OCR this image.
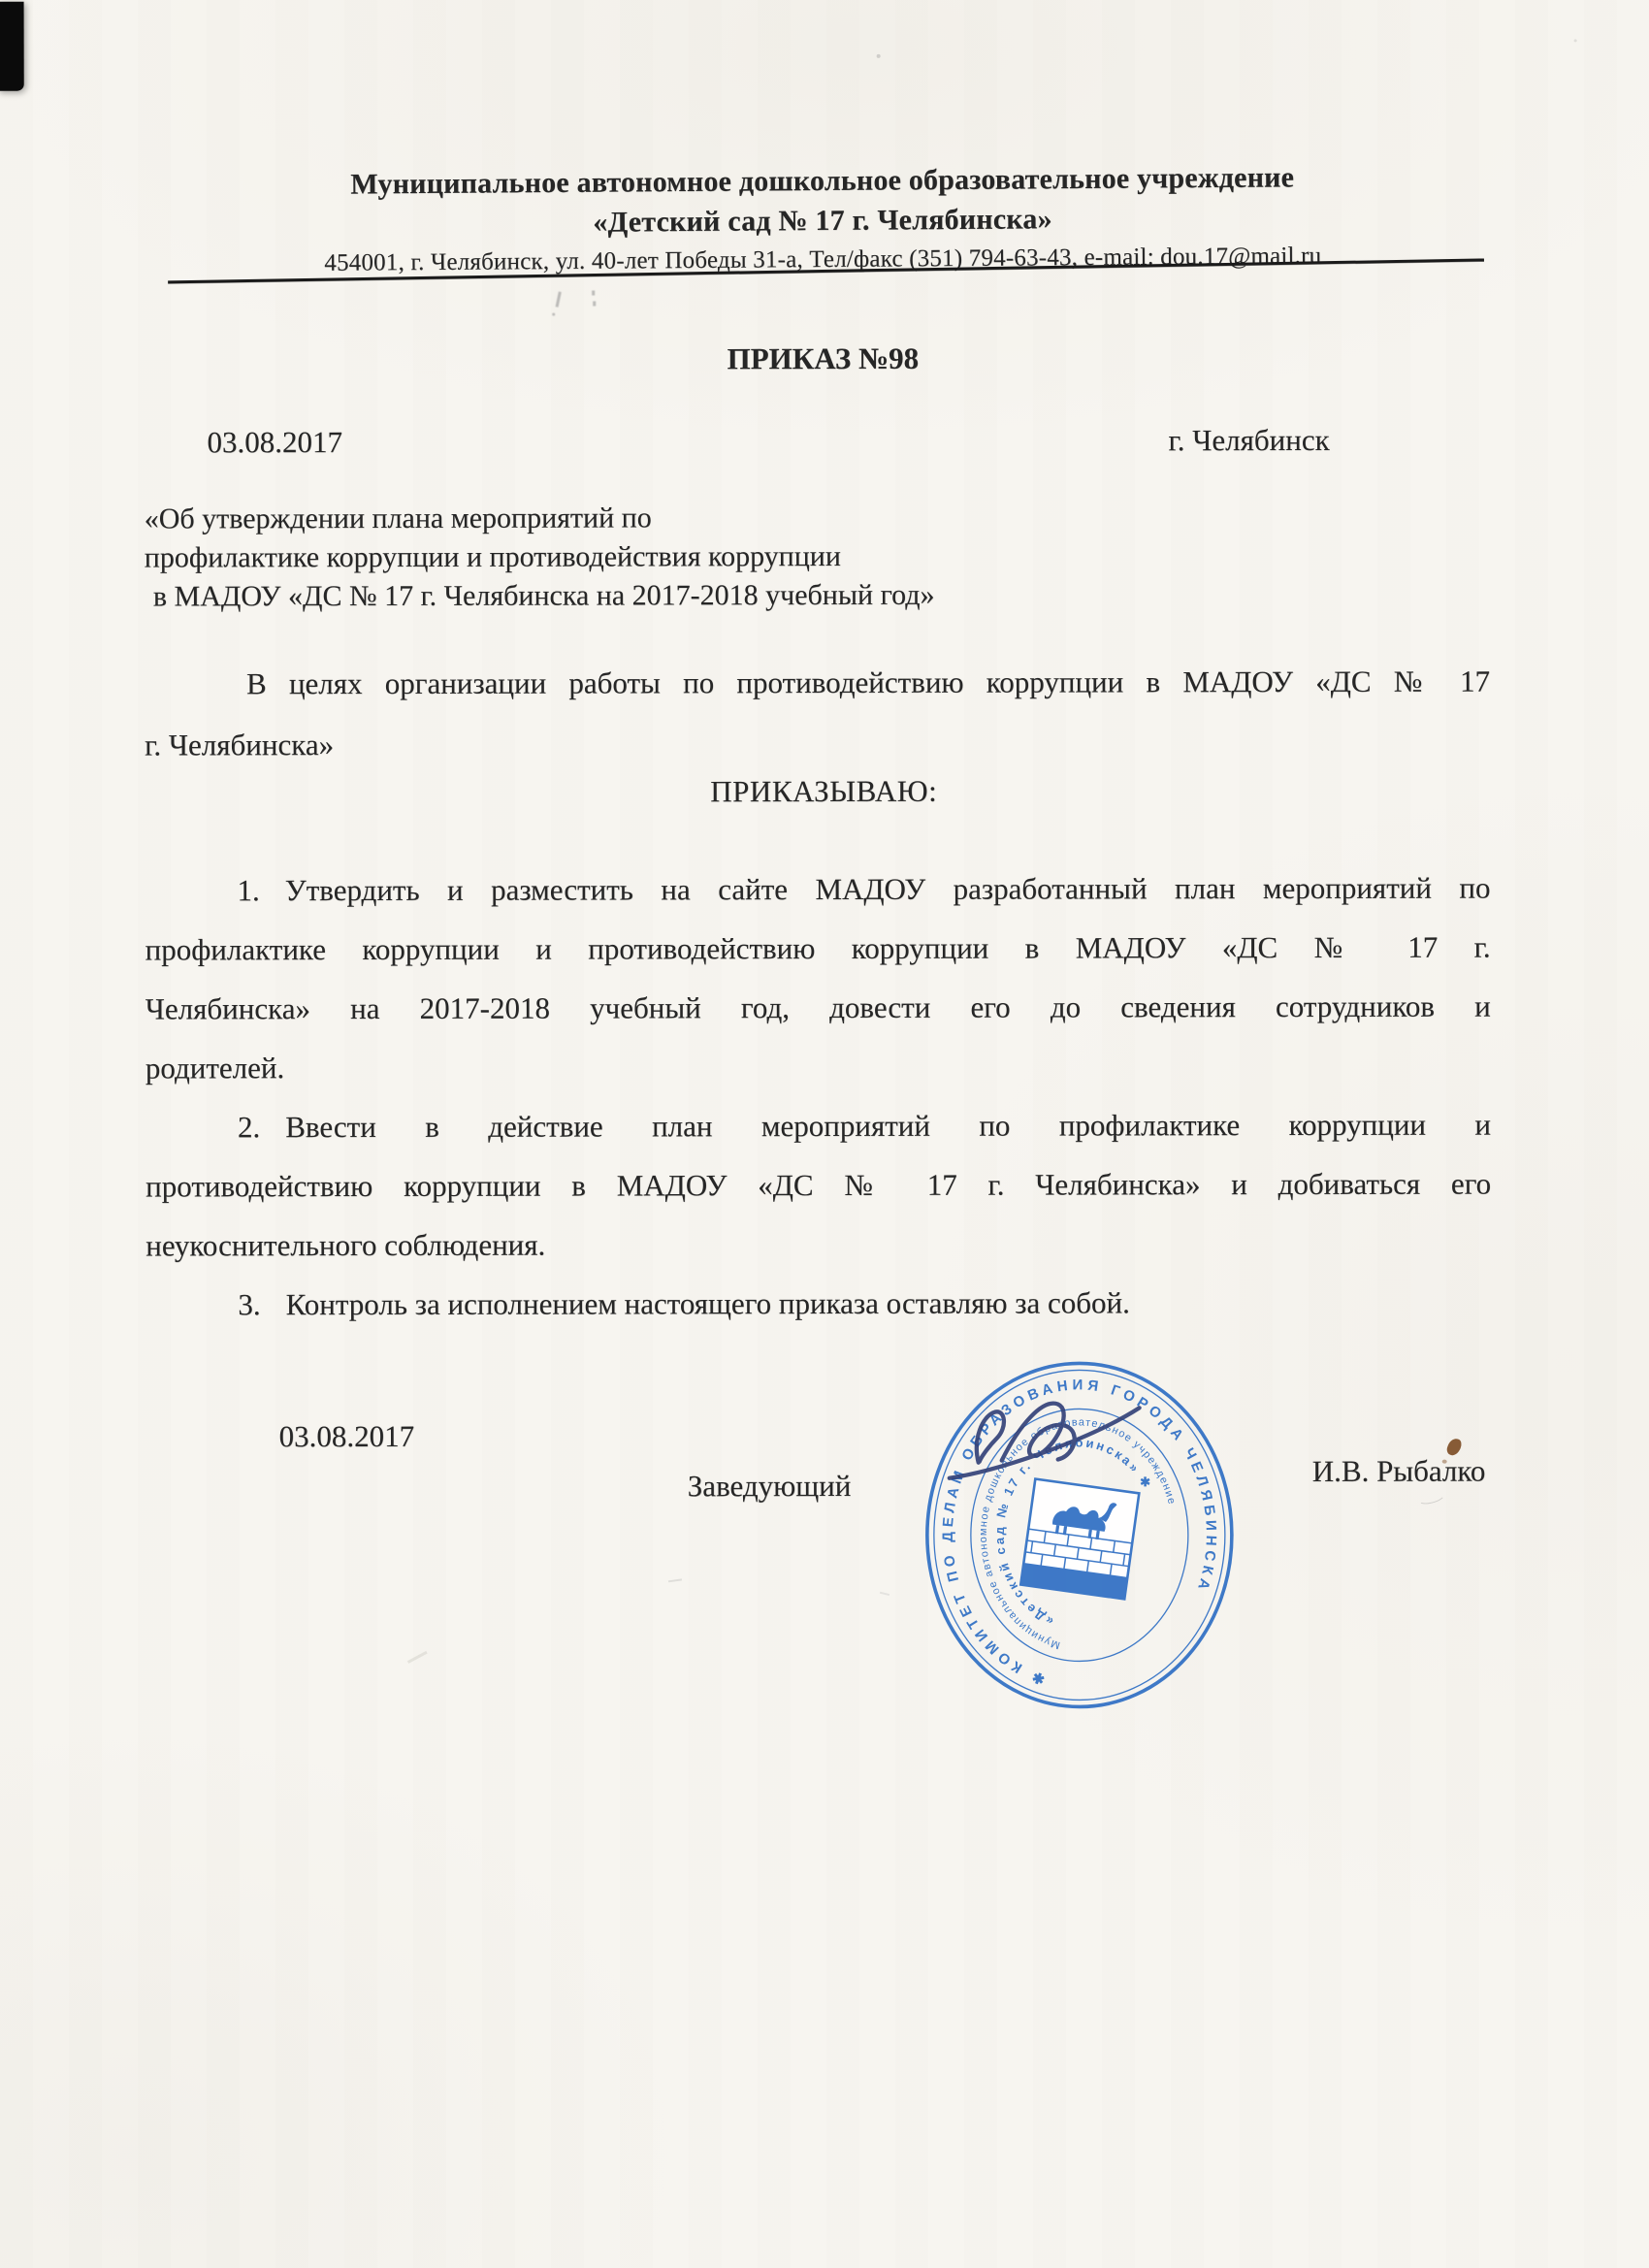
Муниципальное автономное дошкольное образовательное учреждение
«Детский сад № 17 г. Челябинска»
454001, г. Челябинск, ул. 40-лет Победы 31-а, Тел/факс (351) 794-63-43, e-mail: dou.17@mail.ru
ПРИКАЗ №98
03.08.2017	г. Челябинск
«Об утверждении плана мероприятий по
профилактике коррупции и противодействия коррупции
в МАДОУ «ДС № 17 г. Челябинска на 2017-2018 учебный год»
В целях организации работы по противодействию коррупции в МАДОУ «ДС № 17
г. Челябинска»
ПРИКАЗЫВАЮ:
1. Утвердить и разместить на сайте МАДОУ разработанный план мероприятий по
профилактике коррупции и противодействию коррупции в МАДОУ «ДС № 17 г.
Челябинска» на 2017-2018 учебный год, довести его до сведения сотрудников и
родителей.
2. Ввести в действие план мероприятий по профилактике коррупции и
противодействию коррупции в МАДОУ «ДС № 17 г. Челябинска» и добиваться его
неукоснительного соблюдения.
3. Контроль за исполнением настоящего приказа оставляю за собой.
03.08.2017
Заведующий	И.В. Рыбалко
✱ КОМИТЕТ ПО ДЕЛАМ ОБРАЗОВАНИЯ ГОРОДА ЧЕЛЯБИНСКА
Муниципальное автономное дошкольное образовательное учреждение
«Детский сад № 17 г. Челябинска» ✱
